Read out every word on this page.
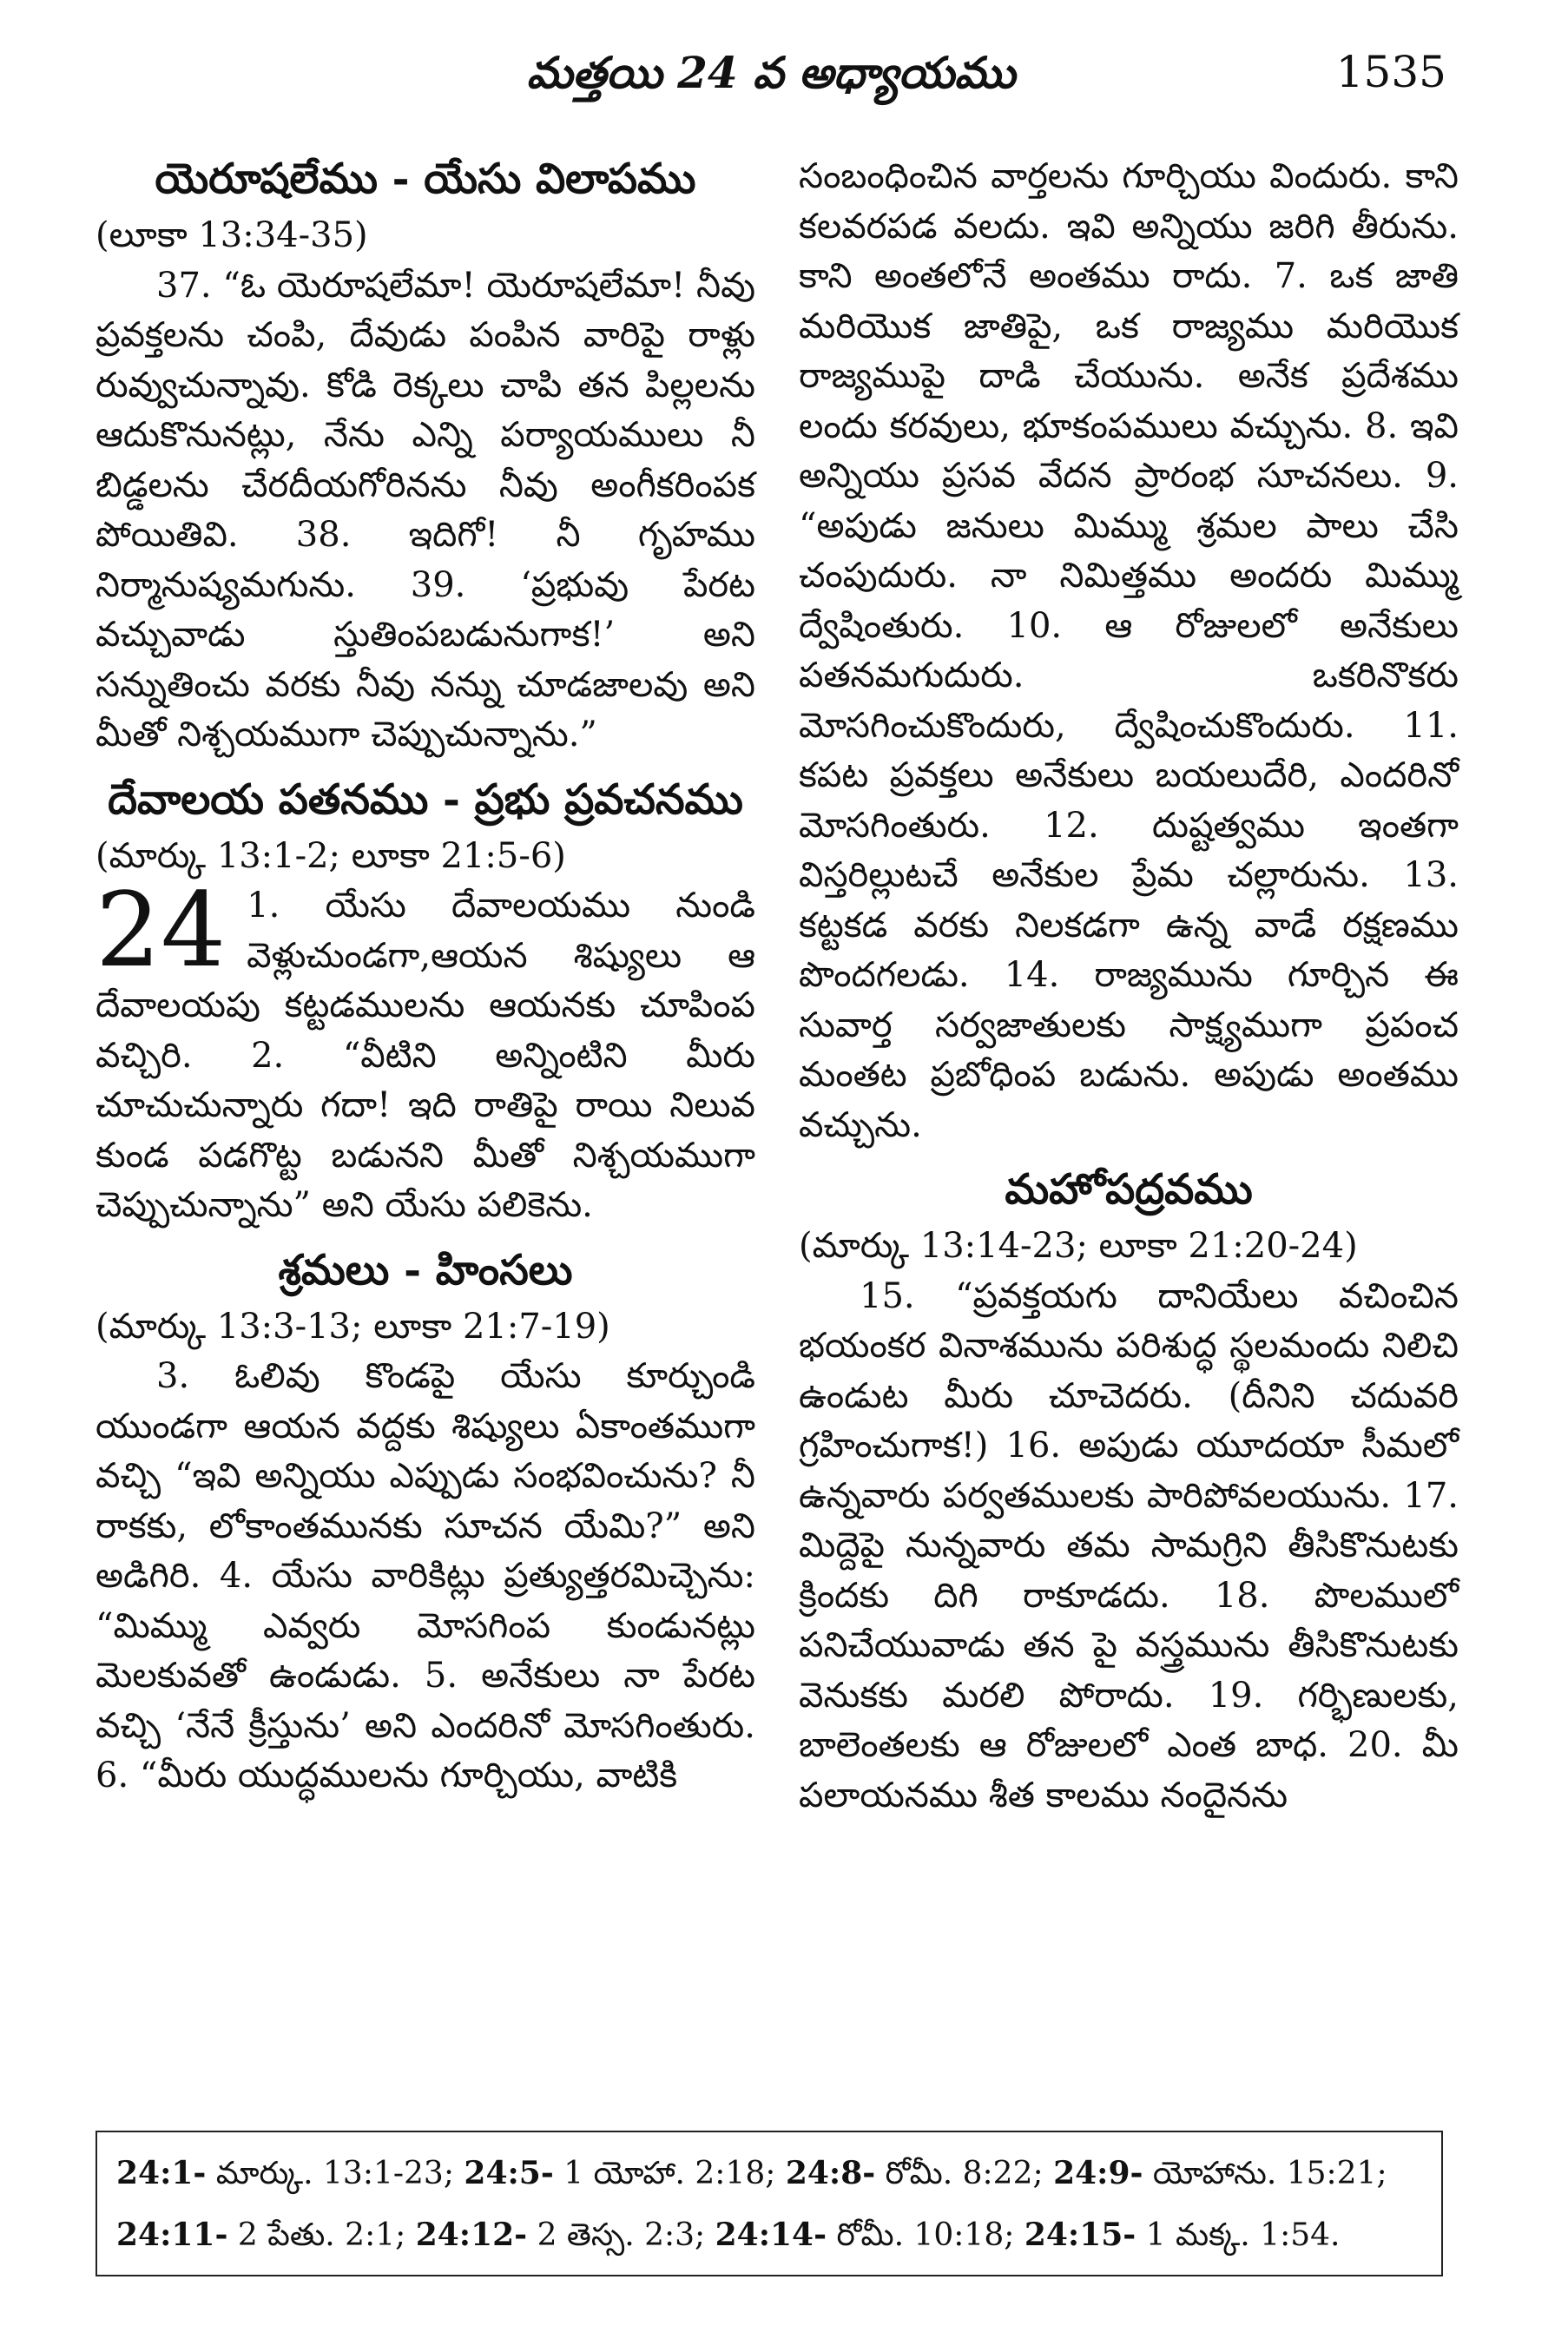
మత్తయి 24 వ అధ్యాయము	1535
యెరూషలేము - యేసు విలాపము

(లూకా 13:34-35)

37. “ఓ యెరూషలేమా! యెరూషలేమా! నీవు ప్రవక్తలను చంపి, దేవుడు పంపిన వారిపై రాళ్లు రువ్వుచున్నావు. కోడి రెక్కలు చాపి తన పిల్లలను ఆదుకొనునట్లు, నేను ఎన్ని పర్యాయములు నీ బిడ్డలను చేరదీయగోరినను నీవు అంగీకరింపక పోయితివి. 38. ఇదిగో! నీ గృహము నిర్మానుష్యమగును. 39. ‘ప్రభువు పేరట వచ్చువాడు స్తుతింపబడునుగాక!’ అని సన్నుతించు వరకు నీవు నన్ను చూడజాలవు అని మీతో నిశ్చయముగా చెప్పుచున్నాను.”

దేవాలయ పతనము - ప్రభు ప్రవచనము

(మార్కు 13:1-2; లూకా 21:5-6)

24 1. యేసు దేవాలయము నుండి వెళ్లుచుండగా,ఆయన శిష్యులు ఆ దేవాలయపు కట్టడములను ఆయనకు చూపింప వచ్చిరి. 2. “వీటిని అన్నింటిని మీరు చూచుచున్నారు గదా! ఇది రాతిపై రాయి నిలువ కుండ పడగొట్ట బడునని మీతో నిశ్చయముగా చెప్పుచున్నాను” అని యేసు పలికెను.

శ్రమలు - హింసలు

(మార్కు 13:3-13; లూకా 21:7-19)

3. ఓలివు కొండపై యేసు కూర్చుండి యుండగా ఆయన వద్దకు శిష్యులు ఏకాంతముగా వచ్చి “ఇవి అన్నియు ఎప్పుడు సంభవించును? నీ రాకకు, లోకాంతమునకు సూచన యేమి?” అని అడిగిరి. 4. యేసు వారికిట్లు ప్రత్యుత్తరమిచ్చెను: “మిమ్ము ఎవ్వరు మోసగింప కుండునట్లు మెలకువతో ఉండుడు. 5. అనేకులు నా పేరట వచ్చి ‘నేనే క్రీస్తును’ అని ఎందరినో మోసగింతురు. 6. “మీరు యుద్ధములను గూర్చియు, వాటికి

సంబంధించిన వార్తలను గూర్చియు విందురు. కాని కలవరపడ వలదు. ఇవి అన్నియు జరిగి తీరును. కాని అంతలోనే అంతము రాదు. 7. ఒక జాతి మరియొక జాతిపై, ఒక రాజ్యము మరియొక రాజ్యముపై దాడి చేయును. అనేక ప్రదేశము లందు కరవులు, భూకంపములు వచ్చును. 8. ఇవి అన్నియు ప్రసవ వేదన ప్రారంభ సూచనలు. 9. “అపుడు జనులు మిమ్ము శ్రమల పాలు చేసి చంపుదురు. నా నిమిత్తము అందరు మిమ్ము ద్వేషింతురు. 10. ఆ రోజులలో అనేకులు పతనమగుదురు. ఒకరినొకరు మోసగించుకొందురు, ద్వేషించుకొందురు. 11. కపట ప్రవక్తలు అనేకులు బయలుదేరి, ఎందరినో మోసగింతురు. 12. దుష్టత్వము ఇంతగా విస్తరిల్లుటచే అనేకుల ప్రేమ చల్లారును. 13. కట్టకడ వరకు నిలకడగా ఉన్న వాడే రక్షణము పొందగలడు. 14. రాజ్యమును గూర్చిన ఈ సువార్త సర్వజాతులకు సాక్ష్యముగా ప్రపంచ మంతట ప్రబోధింప బడును. అపుడు అంతము వచ్చును.

మహోపద్రవము

(మార్కు 13:14-23; లూకా 21:20-24)

15. “ప్రవక్తయగు దానియేలు వచించిన భయంకర వినాశమును పరిశుద్ధ స్థలమందు నిలిచి ఉండుట మీరు చూచెదరు. (దీనిని చదువరి గ్రహించుగాక!) 16. అపుడు యూదయా సీమలో ఉన్నవారు పర్వతములకు పారిపోవలయును. 17. మిద్దెపై నున్నవారు తమ సామగ్రిని తీసికొనుటకు క్రిందకు దిగి రాకూడదు. 18. పొలములో పనిచేయువాడు తన పై వస్త్రమును తీసికొనుటకు వెనుకకు మరలి పోరాదు. 19. గర్భిణులకు, బాలెంతలకు ఆ రోజులలో ఎంత బాధ. 20. మీ పలాయనము శీత కాలము నందైనను

24:1- మార్కు. 13:1-23; 24:5- 1 యోహా. 2:18; 24:8- రోమీ. 8:22; 24:9- యోహాను. 15:21;
24:11- 2 పేతు. 2:1; 24:12- 2 తెస్స. 2:3; 24:14- రోమీ. 10:18; 24:15- 1 మక్క. 1:54.
